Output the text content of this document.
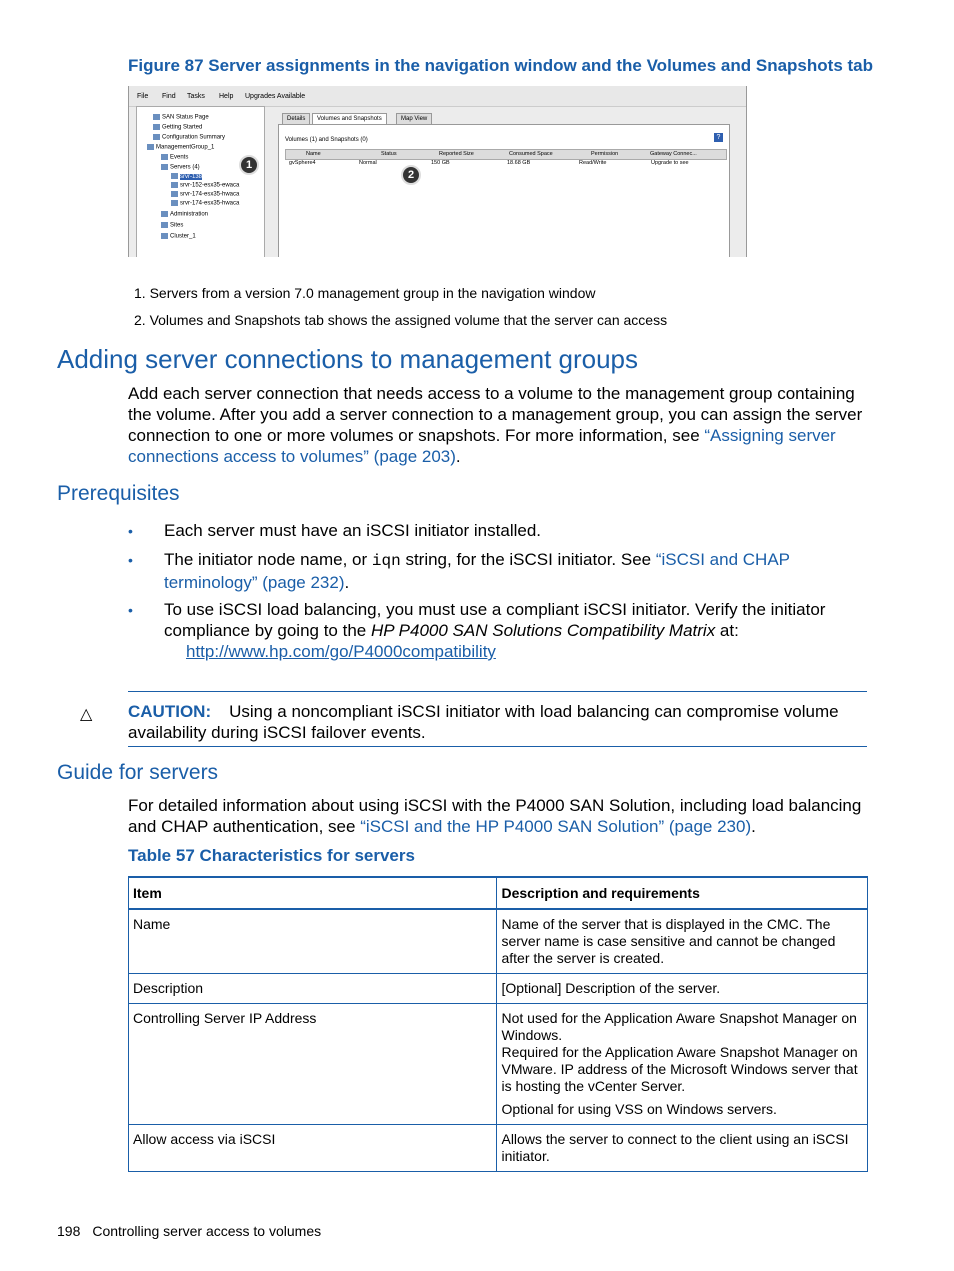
Figure 87 Server assignments in the navigation window and the Volumes and Snapshots tab
File Find Tasks Help Upgrades Available
SAN Status Page
Getting Started
Configuration Summary
ManagementGroup_1
Events
Servers (4)
srvr-138
srvr-152-esx35-ewaca
srvr-174-esx35-hwaca
srvr-174-esx35-hwaca
Administration
Sites
Cluster_1
1
Details	Volumes and Snapshots	Map View
Volumes (1) and Snapshots (0)	?
Name	Status	Reported Size	Consumed Space	Permission	Gateway Connec...
gvSphere4	Normal	150 GB	18.68 GB	Read/Write	Upgrade to see
2
1. Servers from a version 7.0 management group in the navigation window
2. Volumes and Snapshots tab shows the assigned volume that the server can access
Adding server connections to management groups
Add each server connection that needs access to a volume to the management group containing the volume. After you add a server connection to a management group, you can assign the server connection to one or more volumes or snapshots. For more information, see “Assigning server connections access to volumes” (page 203).
Prerequisites
• Each server must have an iSCSI initiator installed.
• The initiator node name, or iqn string, for the iSCSI initiator. See “iSCSI and CHAP terminology” (page 232).
• To use iSCSI load balancing, you must use a compliant iSCSI initiator. Verify the initiator compliance by going to the HP P4000 SAN Solutions Compatibility Matrix at:
http://www.hp.com/go/P4000compatibility
△ CAUTION: Using a noncompliant iSCSI initiator with load balancing can compromise volume availability during iSCSI failover events.
Guide for servers
For detailed information about using iSCSI with the P4000 SAN Solution, including load balancing and CHAP authentication, see “iSCSI and the HP P4000 SAN Solution” (page 230).
Table 57 Characteristics for servers
Item	Description and requirements
Name	Name of the server that is displayed in the CMC. The server name is case sensitive and cannot be changed after the server is created.

Description	[Optional] Description of the server.

Controlling Server IP Address	Not used for the Application Aware Snapshot Manager on Windows.
Required for the Application Aware Snapshot Manager on VMware. IP address of the Microsoft Windows server that is hosting the vCenter Server.

Optional for using VSS on Windows servers.

Allow access via iSCSI	Allows the server to connect to the client using an iSCSI initiator.

198 Controlling server access to volumes
